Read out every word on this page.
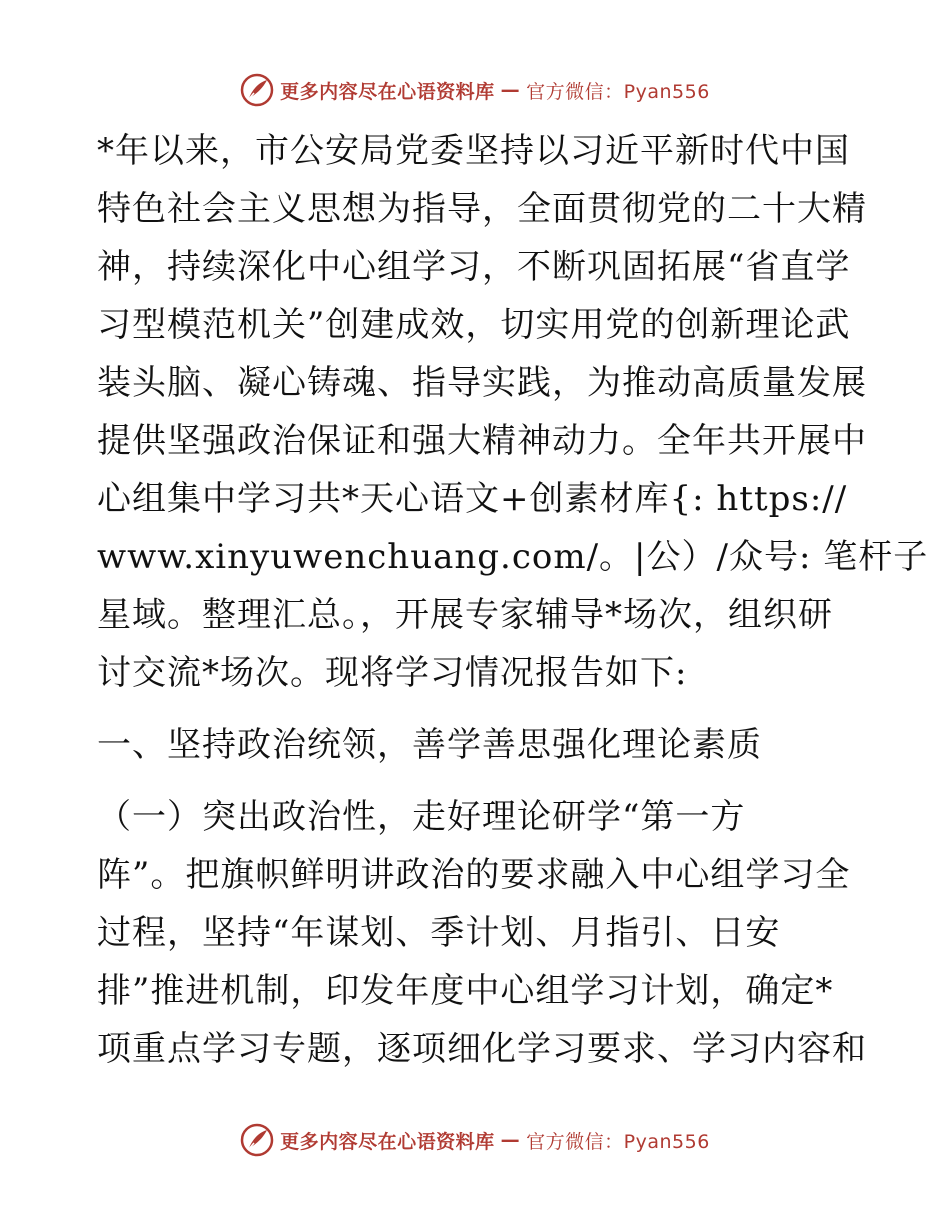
更多内容尽在心语资料库 — 官方微信：Pyan556
*年以来，市公安局党委坚持以习近平新时代中国
特色社会主义思想为指导，全面贯彻党的二十大精
神，持续深化中心组学习，不断巩固拓展“省直学
习型模范机关”创建成效，切实用党的创新理论武
装头脑、凝心铸魂、指导实践，为推动高质量发展
提供坚强政治保证和强大精神动力。全年共开展中
心组集中学习共*天心语文+创素材库{: https://
www.xinyuwenchuang.com/。|公）/众号: 笔杆子
星域。整理汇总。，开展专家辅导*场次，组织研
讨交流*场次。现将学习情况报告如下:
一、坚持政治统领，善学善思强化理论素质
（一）突出政治性，走好理论研学“第一方
阵”。把旗帜鲜明讲政治的要求融入中心组学习全
过程，坚持“年谋划、季计划、月指引、日安
排”推进机制，印发年度中心组学习计划，确定*
项重点学习专题，逐项细化学习要求、学习内容和
更多内容尽在心语资料库 — 官方微信：Pyan556
